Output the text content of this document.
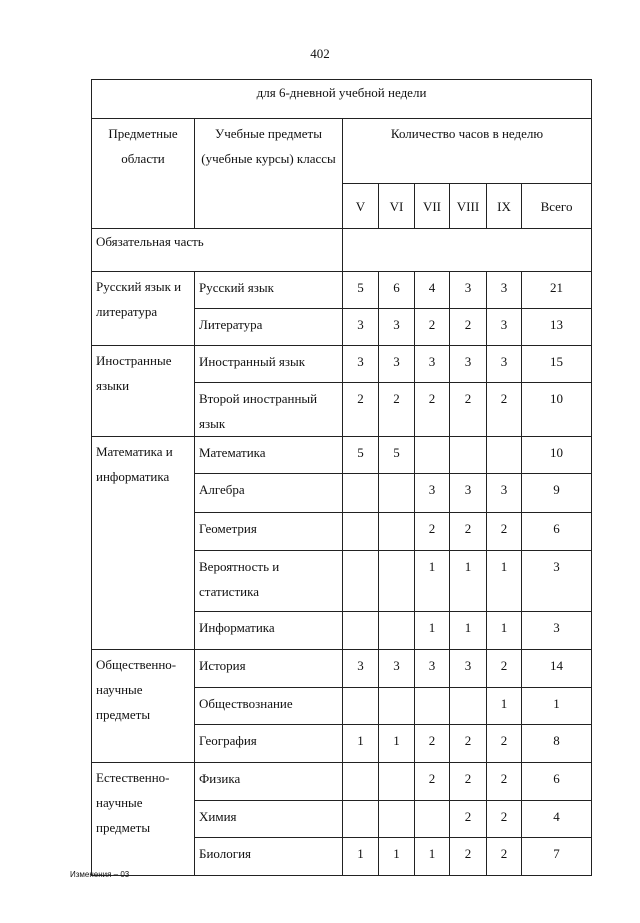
402
для 6-дневной учебной недели							
Предметные области	Учебные предметы (учебные курсы) классы	Количество часов в неделю					
		V	VI	VII	VIII	IX	Всего
Обязательная часть							
Русский язык и литература	Русский язык	5	6	4	3	3	21
	Литература	3	3	2	2	3	13
Иностранные языки	Иностранный язык	3	3	3	3	3	15
	Второй иностранный язык	2	2	2	2	2	10
Математика и информатика	Математика	5	5				10
	Алгебра			3	3	3	9
	Геометрия			2	2	2	6
	Вероятность и статистика			1	1	1	3
	Информатика			1	1	1	3
Общественно-научные предметы	История	3	3	3	3	2	14
	Обществознание					1	1
	География	1	1	2	2	2	8
Естественно-научные предметы	Физика			2	2	2	6
	Химия				2	2	4
	Биология	1	1	1	2	2	7
Изменения – 03
